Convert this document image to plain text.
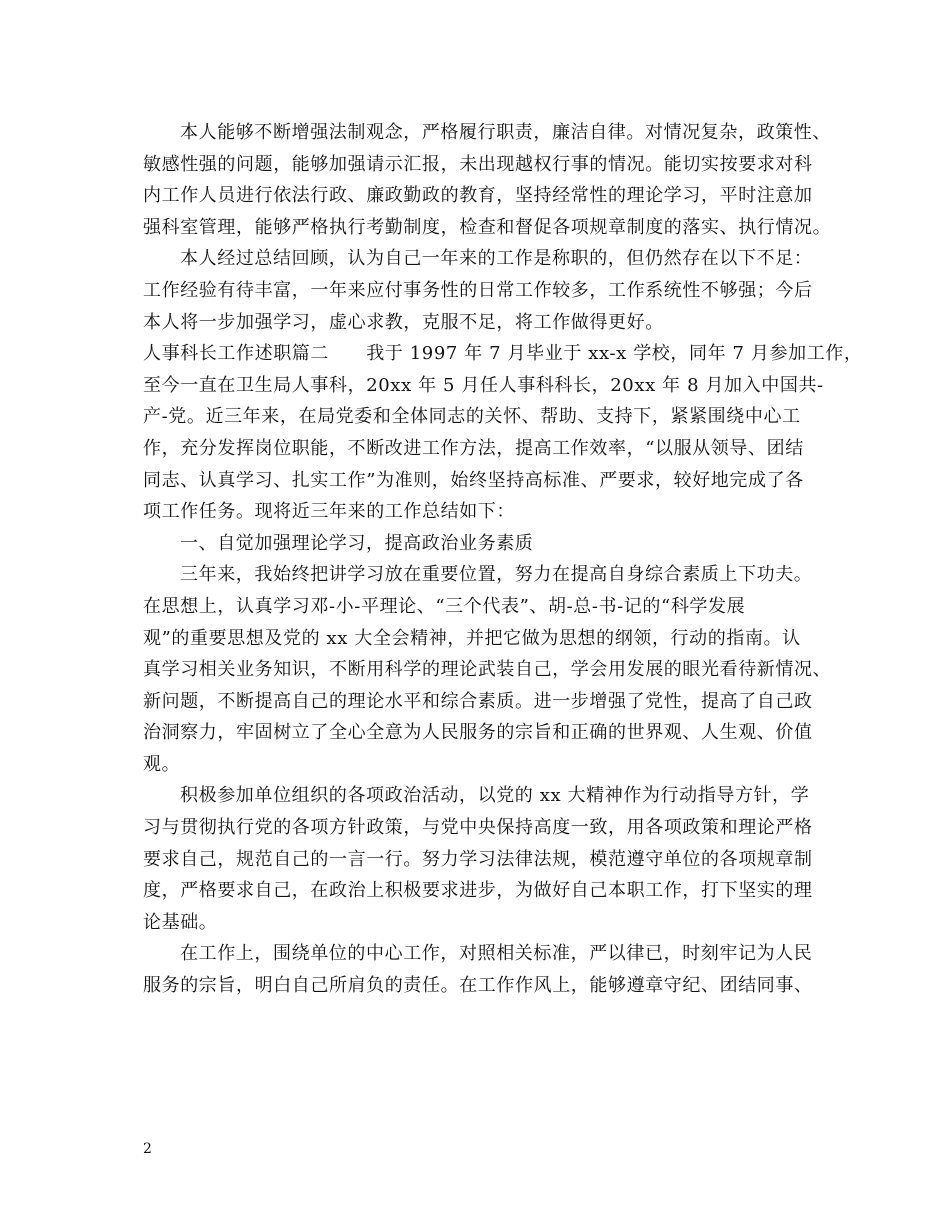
本人能够不断增强法制观念，严格履行职责，廉洁自律。对情况复杂，政策性、
敏感性强的问题，能够加强请示汇报，未出现越权行事的情况。能切实按要求对科
内工作人员进行依法行政、廉政勤政的教育，坚持经常性的理论学习，平时注意加
强科室管理，能够严格执行考勤制度，检查和督促各项规章制度的落实、执行情况。
本人经过总结回顾，认为自己一年来的工作是称职的，但仍然存在以下不足：
工作经验有待丰富，一年来应付事务性的日常工作较多，工作系统性不够强；今后
本人将一步加强学习，虚心求教，克服不足，将工作做得更好。
人事科长工作述职篇二　　我于 1997 年 7 月毕业于 xx-x 学校，同年 7 月参加工作，
至今一直在卫生局人事科，20xx 年 5 月任人事科科长，20xx 年 8 月加入中国共-
产-党。近三年来，在局党委和全体同志的关怀、帮助、支持下，紧紧围绕中心工
作，充分发挥岗位职能，不断改进工作方法，提高工作效率，“以服从领导、团结
同志、认真学习、扎实工作”为准则，始终坚持高标准、严要求，较好地完成了各
项工作任务。现将近三年来的工作总结如下：
一、自觉加强理论学习，提高政治业务素质
三年来，我始终把讲学习放在重要位置，努力在提高自身综合素质上下功夫。
在思想上，认真学习邓-小-平理论、“三个代表”、胡-总-书-记的“科学发展
观”的重要思想及党的 xx 大全会精神，并把它做为思想的纲领，行动的指南。认
真学习相关业务知识，不断用科学的理论武装自己，学会用发展的眼光看待新情况、
新问题，不断提高自己的理论水平和综合素质。进一步增强了党性，提高了自己政
治洞察力，牢固树立了全心全意为人民服务的宗旨和正确的世界观、人生观、价值
观。
积极参加单位组织的各项政治活动，以党的 xx 大精神作为行动指导方针，学
习与贯彻执行党的各项方针政策，与党中央保持高度一致，用各项政策和理论严格
要求自己，规范自己的一言一行。努力学习法律法规，模范遵守单位的各项规章制
度，严格要求自己，在政治上积极要求进步，为做好自己本职工作，打下坚实的理
论基础。
在工作上，围绕单位的中心工作，对照相关标准，严以律已，时刻牢记为人民
服务的宗旨，明白自己所肩负的责任。在工作作风上，能够遵章守纪、团结同事、
2
